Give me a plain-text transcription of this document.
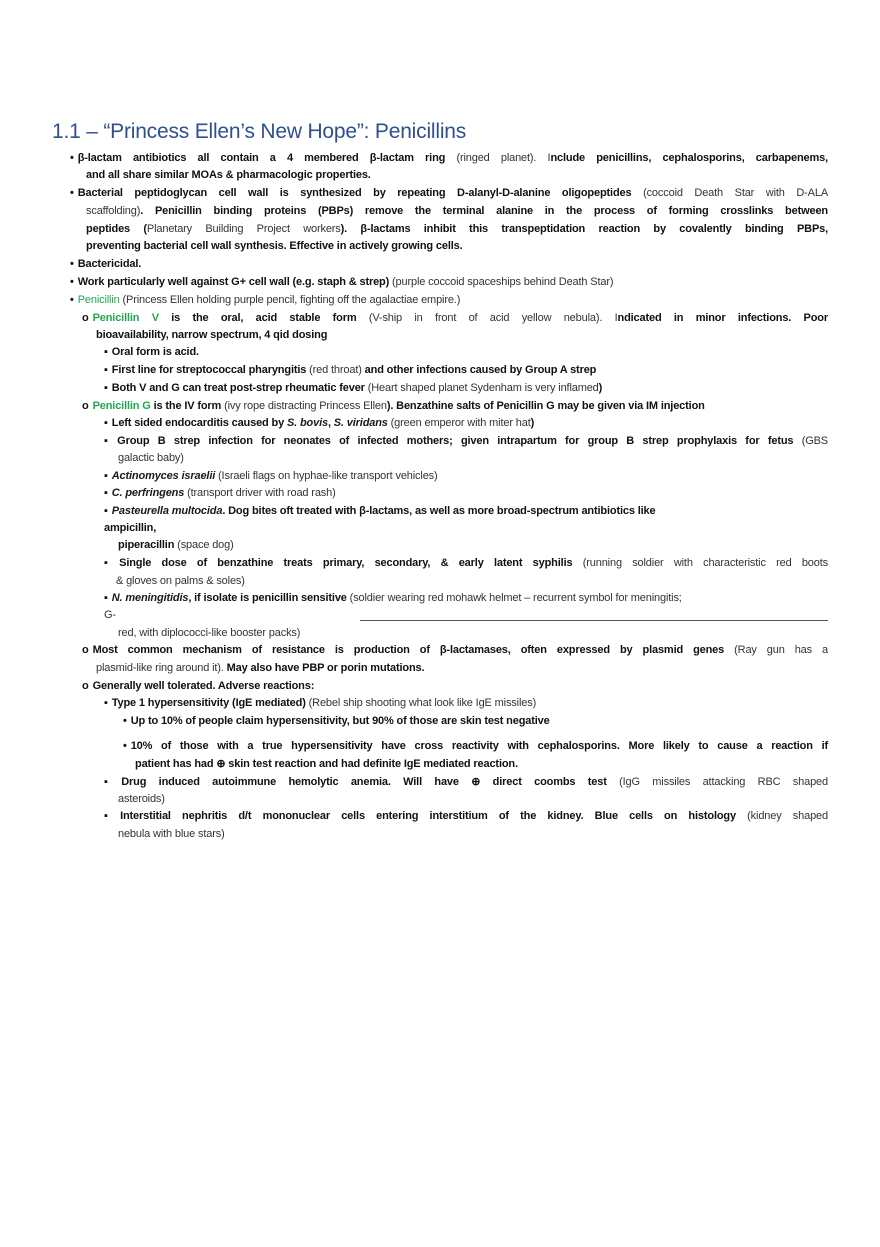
1.1 – “Princess Ellen’s New Hope”: Penicillins
• β-lactam antibiotics all contain a 4 membered β-lactam ring (ringed planet). Include penicillins, cephalosporins, carbapenems,
and all share similar MOAs & pharmacologic properties.
• Bacterial peptidoglycan cell wall is synthesized by repeating D-alanyl-D-alanine oligopeptides (coccoid Death Star with D-ALA
scaffolding). Penicillin binding proteins (PBPs) remove the terminal alanine in the process of forming crosslinks between
peptides (Planetary Building Project workers). β-lactams inhibit this transpeptidation reaction by covalently binding PBPs,
preventing bacterial cell wall synthesis. Effective in actively growing cells.
• Bactericidal.
• Work particularly well against G+ cell wall (e.g. staph & strep) (purple coccoid spaceships behind Death Star)
• Penicillin (Princess Ellen holding purple pencil, fighting off the agalactiae empire.)
o Penicillin V is the oral, acid stable form (V-ship in front of acid yellow nebula). Indicated in minor infections. Poor
bioavailability, narrow spectrum, 4 qid dosing
▪ Oral form is acid.
▪ First line for streptococcal pharyngitis (red throat) and other infections caused by Group A strep
▪ Both V and G can treat post-strep rheumatic fever (Heart shaped planet Sydenham is very inflamed)
o Penicillin G is the IV form (ivy rope distracting Princess Ellen). Benzathine salts of Penicillin G may be given via IM injection
▪ Left sided endocarditis caused by S. bovis, S. viridans (green emperor with miter hat)
▪ Group B strep infection for neonates of infected mothers; given intrapartum for group B strep prophylaxis for fetus (GBS
galactic baby)
▪ Actinomyces israelii (Israeli flags on hyphae-like transport vehicles)
▪ C. perfringens (transport driver with road rash)
▪ Pasteurella multocida. Dog bites oft treated with β-lactams, as well as more broad-spectrum antibiotics like
ampicillin,
piperacillin (space dog)
▪ Single dose of benzathine treats primary, secondary, & early latent syphilis (running soldier with characteristic red boots
& gloves on palms & soles)
▪ N. meningitidis, if isolate is penicillin sensitive (soldier wearing red mohawk helmet – recurrent symbol for meningitis;
G-
red, with diplococci-like booster packs)
o Most common mechanism of resistance is production of β-lactamases, often expressed by plasmid genes (Ray gun has a
plasmid-like ring around it). May also have PBP or porin mutations.
o Generally well tolerated. Adverse reactions:
▪ Type 1 hypersensitivity (IgE mediated) (Rebel ship shooting what look like IgE missiles)
• Up to 10% of people claim hypersensitivity, but 90% of those are skin test negative
• 10% of those with a true hypersensitivity have cross reactivity with cephalosporins. More likely to cause a reaction if
patient has had ⊕ skin test reaction and had definite IgE mediated reaction.
▪ Drug induced autoimmune hemolytic anemia. Will have ⊕ direct coombs test (IgG missiles attacking RBC shaped
asteroids)
▪ Interstitial nephritis d/t mononuclear cells entering interstitium of the kidney. Blue cells on histology (kidney shaped
nebula with blue stars)
